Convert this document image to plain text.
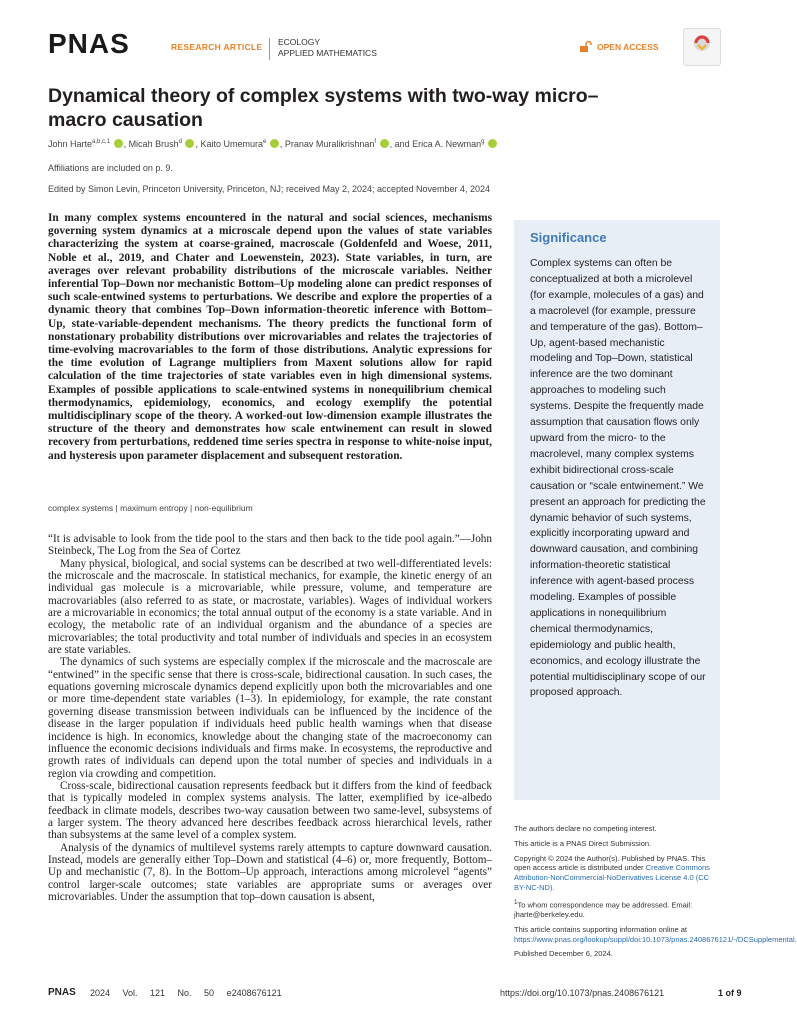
PNAS	RESEARCH ARTICLE ECOLOGY
APPLIED MATHEMATICS
OPEN ACCESS
Dynamical theory of complex systems with two-way micro–macro causation
John Harte$^{a,b,c,1}$ , Micah Brush$^d$ , Kaito Umemura$^e$ , Pranav Muralikrishnan$^f$ , and Erica A. Newman$^g$
Affiliations are included on p. 9.
Edited by Simon Levin, Princeton University, Princeton, NJ; received May 2, 2024; accepted November 4, 2024
In many complex systems encountered in the natural and social sciences, mechanisms governing system dynamics at a microscale depend upon the values of state variables characterizing the system at coarse-grained, macroscale (Goldenfeld and Woese, 2011, Noble et al., 2019, and Chater and Loewenstein, 2023). State variables, in turn, are averages over relevant probability distributions of the microscale variables. Neither inferential Top–Down nor mechanistic Bottom–Up modeling alone can predict responses of such scale-entwined systems to perturbations. We describe and explore the properties of a dynamic theory that combines Top–Down information-theoretic inference with Bottom–Up, state-variable-dependent mechanisms. The theory predicts the functional form of nonstationary probability distributions over microvariables and relates the trajectories of time-evolving macrovariables to the form of those distributions. Analytic expressions for the time evolution of Lagrange multipliers from Maxent solutions allow for rapid calculation of the time trajectories of state variables even in high dimensional systems. Examples of possible applications to scale-entwined systems in nonequilibrium chemical thermodynamics, epidemiology, economics, and ecology exemplify the potential multidisciplinary scope of the theory. A worked-out low-dimension example illustrates the structure of the theory and demonstrates how scale entwinement can result in slowed recovery from perturbations, reddened time series spectra in response to white-noise input, and hysteresis upon parameter displacement and subsequent restoration.
complex systems | maximum entropy | non-equilibrium

“It is advisable to look from the tide pool to the stars and then back to the tide pool again.”—John Steinbeck, The Log from the Sea of Cortez

Many physical, biological, and social systems can be described at two well-differentiated levels: the microscale and the macroscale. In statistical mechanics, for example, the kinetic energy of an individual gas molecule is a microvariable, while pressure, volume, and temperature are macrovariables (also referred to as state, or macrostate, variables). Wages of individual workers are a microvariable in economics; the total annual output of the economy is a state variable. And in ecology, the metabolic rate of an individual organism and the abundance of a species are microvariables; the total productivity and total number of individuals and species in an ecosystem are state variables.

The dynamics of such systems are especially complex if the microscale and the macroscale are “entwined” in the specific sense that there is cross-scale, bidirectional causation. In such cases, the equations governing microscale dynamics depend explicitly upon both the microvariables and one or more time-dependent state variables (1–3). In epidemiology, for example, the rate constant governing disease transmission between individuals can be influenced by the incidence of the disease in the larger population if individuals heed public health warnings when that disease incidence is high. In economics, knowledge about the changing state of the macroeconomy can influence the economic decisions individuals and firms make. In ecosystems, the reproductive and growth rates of individuals can depend upon the total number of species and individuals in a region via crowding and competition.

Cross-scale, bidirectional causation represents feedback but it differs from the kind of feedback that is typically modeled in complex systems analysis. The latter, exemplified by ice-albedo feedback in climate models, describes two-way causation between two same-level, subsystems of a larger system. The theory advanced here describes feedback across hierarchical levels, rather than subsystems at the same level of a complex system.

Analysis of the dynamics of multilevel systems rarely attempts to capture downward causation. Instead, models are generally either Top–Down and statistical (4–6) or, more frequently, Bottom–Up and mechanistic (7, 8). In the Bottom–Up approach, interactions among microlevel “agents” control larger-scale outcomes; state variables are appropriate sums or averages over microvariables. Under the assumption that top–down causation is absent,

Significance
Complex systems can often be conceptualized at both a microlevel (for example, molecules of a gas) and a macrolevel (for example, pressure and temperature of the gas). Bottom–Up, agent-based mechanistic modeling and Top–Down, statistical inference are the two dominant approaches to modeling such systems. Despite the frequently made assumption that causation flows only upward from the micro- to the macrolevel, many complex systems exhibit bidirectional cross-scale causation or “scale entwinement.” We present an approach for predicting the dynamic behavior of such systems, explicitly incorporating upward and downward causation, and combining information-theoretic statistical inference with agent-based process modeling. Examples of possible applications in nonequilibrium chemical thermodynamics, epidemiology and public health, economics, and ecology illustrate the potential multidisciplinary scope of our proposed approach.

The authors declare no competing interest.

This article is a PNAS Direct Submission.

Copyright © 2024 the Author(s). Published by PNAS. This open access article is distributed under Creative Commons Attribution-NonCommercial-NoDerivatives License 4.0 (CC BY-NC-ND).

$^1$To whom correspondence may be addressed. Email: jharte@berkeley.edu.

This article contains supporting information online at https://www.pnas.org/lookup/suppl/doi:10.1073/pnas.2408676121/-/DCSupplemental.

Published December 6, 2024.

PNAS 2024 Vol. 121 No. 50 e2408676121	https://doi.org/10.1073/pnas.2408676121	1 of 9
